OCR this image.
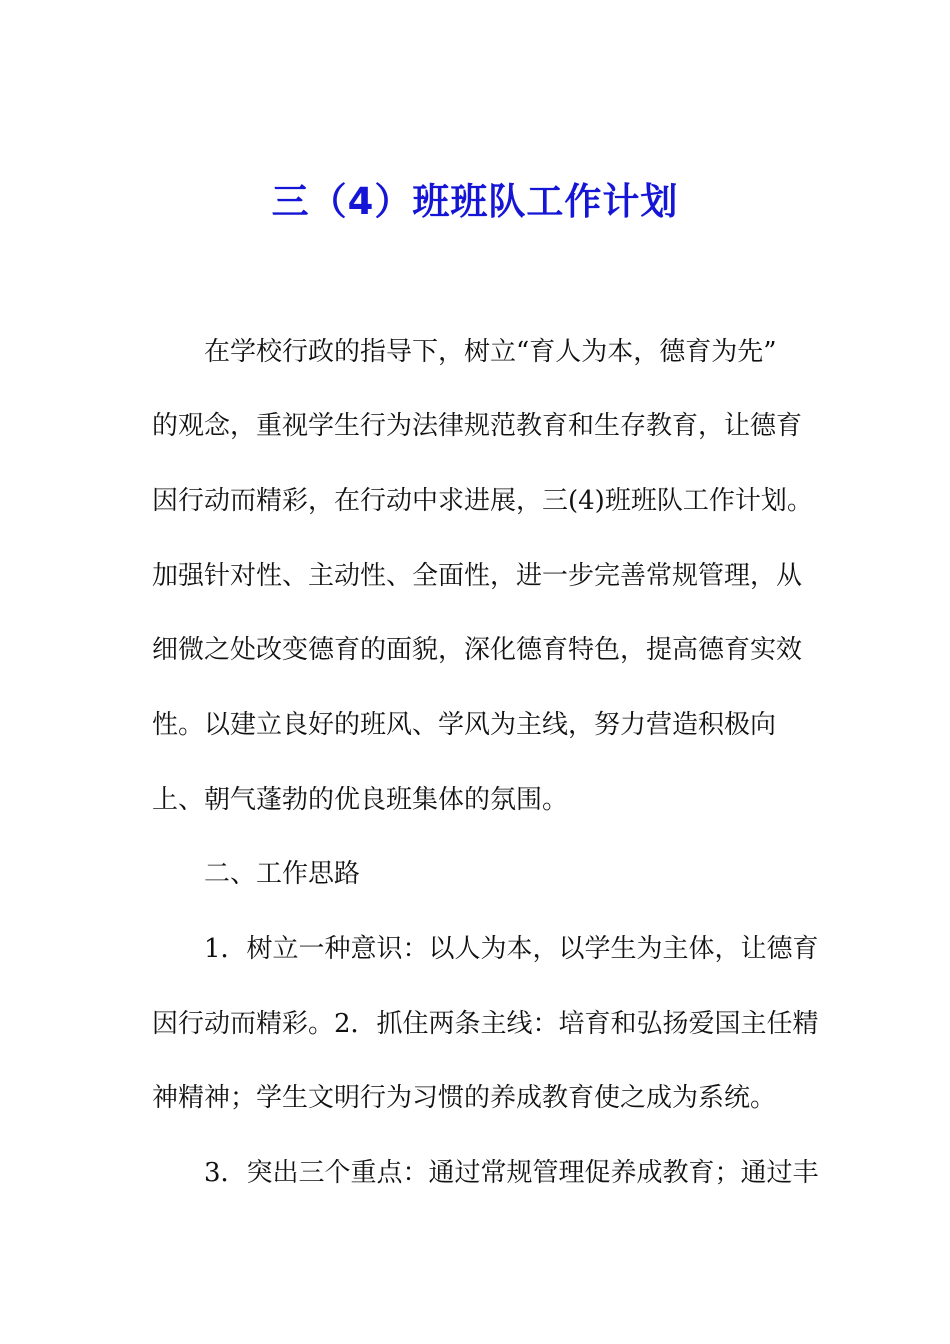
三（4）班班队工作计划

在学校行政的指导下，树立“育人为本，德育为先”

的观念，重视学生行为法律规范教育和生存教育，让德育

因行动而精彩，在行动中求进展，三(4)班班队工作计划。

加强针对性、主动性、全面性，进一步完善常规管理，从

细微之处改变德育的面貌，深化德育特色，提高德育实效

性。以建立良好的班风、学风为主线，努力营造积极向

上、朝气蓬勃的优良班集体的氛围。

二、工作思路

1．树立一种意识：以人为本，以学生为主体，让德育

因行动而精彩。2．抓住两条主线：培育和弘扬爱国主任精

神精神；学生文明行为习惯的养成教育使之成为系统。

3．突出三个重点：通过常规管理促养成教育；通过丰
